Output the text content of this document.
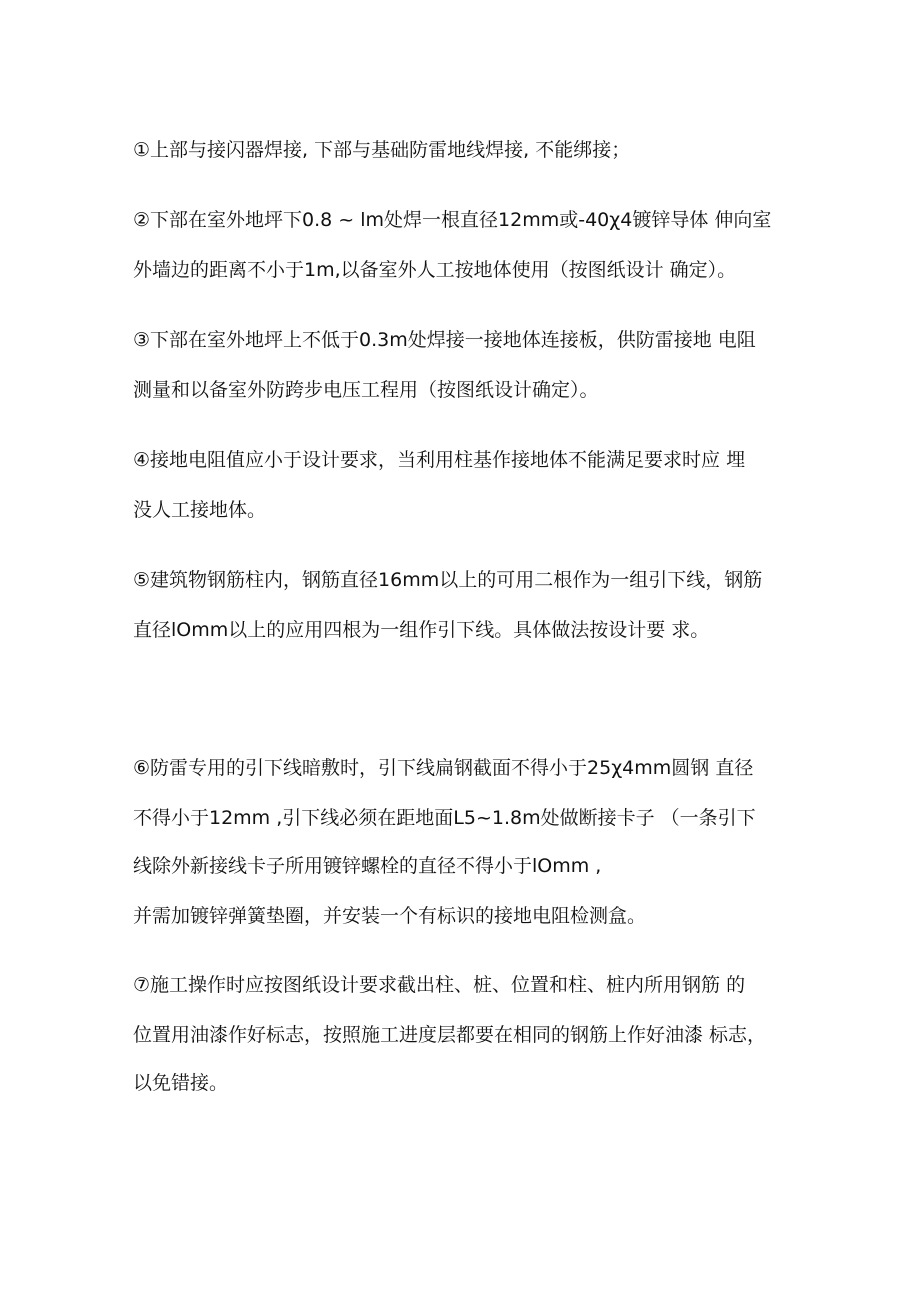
①上部与接闪器焊接, 下部与基础防雷地线焊接, 不能绑接；
②下部在室外地坪下0.8 ~ lm处焊一根直径12mm或-40χ4镀锌导体 伸向室
外墙边的距离不小于1m,以备室外人工按地体使用（按图纸设计 确定）。
③下部在室外地坪上不低于0.3m处焊接一接地体连接板，供防雷接地 电阻
测量和以备室外防跨步电压工程用（按图纸设计确定）。
④接地电阻值应小于设计要求，当利用柱基作接地体不能满足要求时应 埋
没人工接地体。
⑤建筑物钢筋柱内，钢筋直径16mm以上的可用二根作为一组引下线，钢筋
直径lOmm以上的应用四根为一组作引下线。具体做法按设计要 求。
⑥防雷专用的引下线暗敷时，引下线扁钢截面不得小于25χ4mm圆钢 直径
不得小于12mm ,引下线必须在距地面L5~1.8m处做断接卡子 （一条引下
线除外新接线卡子所用镀锌螺栓的直径不得小于lOmm ,
并需加镀锌弹簧垫圈，并安装一个有标识的接地电阻检测盒。
⑦施工操作时应按图纸设计要求截出柱、桩、位置和柱、桩内所用钢筋 的
位置用油漆作好标志，按照施工进度层都要在相同的钢筋上作好油漆 标志，
以免错接。
